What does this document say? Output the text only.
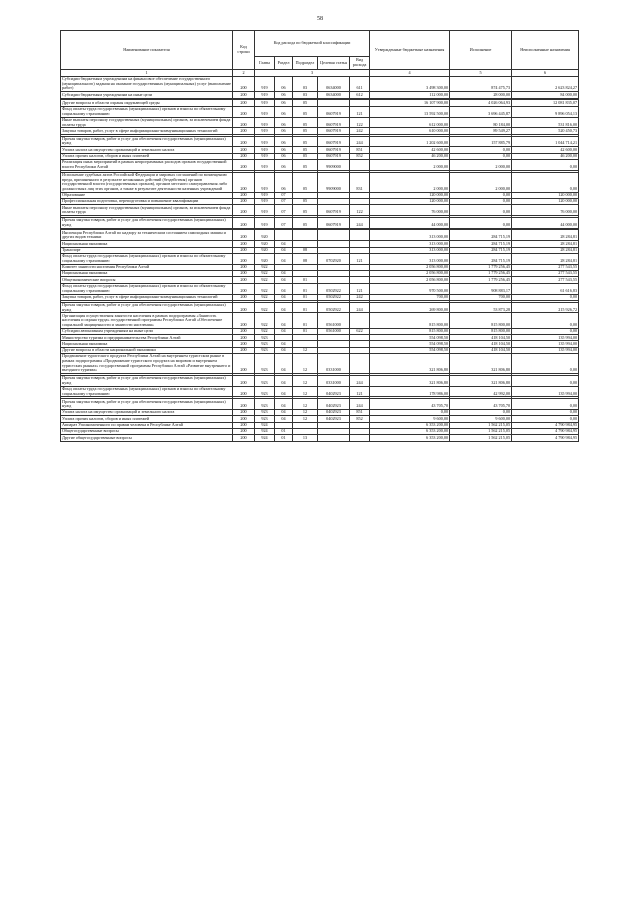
58
Наименование показателя	Код строки	Код расхода по бюджетной классификации					Утвержденные бюджетные назначения	Исполнение	Неисполненные назначения
		Главы	Раздел	Подраздел	Целевая статья	Вид расхода			
1	2	3					4	5	6
Субсидии бюджетным учреждениям на финансовое обеспечение государственного (муниципального) задания на оказание государственных (муниципальных) услуг (выполнение работ)	200	919	06	03	0634000	611	3 498 300,00	874 475,73	2 623 824,27
Субсидии бюджетным учреждениям на иные цели	200	919	06	03	0634000	612	112 000,00	28 000,00	84 000,00

Другие вопросы в области охраны окружающей среды	200	919	06	05			16 107 900,00	4 026 064,93	12 081 835,07
Фонд оплаты труда государственных (муниципальных) органов и взносы по обязательному социальному страхованию	200	919	06	05	0607919	121	13 592 500,00	3 696 445,87	9 896 054,13
Иные выплаты персоналу государственных (муниципальных) органов, за исключением фонда оплаты труда	200	919	06	05	0607919	122	612 000,00	80 184,00	531 816,00
Закупка товаров, работ, услуг в сфере информационно-коммуникационных технологий	200	919	06	05	0607919	242	610 000,00	89 549,27	520 450,73

Прочая закупка товаров, работ и услуг для обеспечения государственных (муниципальных) нужд	200	919	06	05	0607919	244	1 202 600,00	157 885,79	1 044 714,21
Уплата налога на имущество организаций и земельного налога	200	919	06	05	0607919	851	42 600,00	0,00	42 600,00
Уплата прочих налогов, сборов и иных платежей	200	919	06	05	0607919	852	46 200,00	0,00	46 200,00
Реализация иных мероприятий в рамках непрограммных расходов органов государственной власти Республики Алтай	200	919	06	05	9909000		2 000,00	2 000,00	0,00

Исполнение судебных актов Российской Федерации и мировых соглашений по возмещению вреда, причиненного в результате незаконных действий (бездействия) органов государственной власти (государственных органов), органов местного самоуправления либо должностных лиц этих органов, а также в результате деятельности казенных учреждений	200	919	06	05	9909000	831	2 000,00	2 000,00	0,00
Образование	200	919	07				120 000,00	0,00	120 000,00
Профессиональная подготовка, переподготовка и повышение квалификации	200	919	07	05			120 000,00	0,00	120 000,00
Иные выплаты персоналу государственных (муниципальных) органов, за исключением фонда оплаты труда	200	919	07	05	0607919	122	76 000,00	0,00	76 000,00

Прочая закупка товаров, работ и услуг для обеспечения государственных (муниципальных) нужд	200	919	07	05	0607919	244	44 000,00	0,00	44 000,00

Инспекция Республики Алтай по надзору за техническим состоянием самоходных машин и других видов техники	200	920					313 000,00	284 715,19	28 284,81
Национальная экономика	200	920	04				313 000,00	284 715,19	28 284,81
Транспорт	200	920	04	08			313 000,00	284 715,19	28 284,81
Фонд оплаты труда государственных (муниципальных) органов и взносы по обязательному социальному страхованию	200	920	04	08	0702920	121	313 000,00	284 715,19	28 284,81
Комитет занятости населения Республики Алтай	200	922					2 056 800,00	1 779 256,45	277 543,55
Национальная экономика	200	922	04				2 056 800,00	1 779 256,45	277 543,55
Общеэкономические вопросы	200	922	04	01			2 056 800,00	1 779 256,45	277 543,55
Фонд оплаты труда государственных (муниципальных) органов и взносы по обязательному социальному страхованию	200	922	04	01	0502922	121	970 500,00	908 883,17	61 616,83
Закупка товаров, работ, услуг в сфере информационно-коммуникационных технологий	200	922	04	01	0502922	242	700,00	700,00	0,00

Прочая закупка товаров, работ и услуг для обеспечения государственных (муниципальных) нужд	200	922	04	01	0502922	244	269 800,00	53 873,28	215 926,72
Организация осуществления занятости населения в рамках подпрограммы «Занятость населения и охрана труда» государственной программы Республики Алтай «Обеспечение социальной защищенности и занятости населения»	200	922	04	01	0561000		815 800,00	815 800,00	0,00
Субсидии автономным учреждениям на иные цели	200	922	04	01	0561000	622	815 800,00	815 800,00	0,00
Министерство туризма и предпринимательства Республики Алтай	200	923					554 098,50	418 104,50	135 994,00
Национальная экономика	200	923	04				554 098,50	418 104,50	135 994,00
Другие вопросы в области национальной экономики	200	923	04	12			554 098,50	418 104,50	135 994,00
Продвижение туристского продукта Республики Алтай на внутреннем туристском рынке в рамках подпрограммы «Продвижение туристского продукта на мировом и внутреннем туристских рынках» государственной программы Республики Алтай «Развитие внутреннего и въездного туризма»	200	923	04	12	0331000		321 806,80	321 806,80	0,00

Прочая закупка товаров, работ и услуг для обеспечения государственных (муниципальных) нужд	200	923	04	12	0331000	244	321 806,80	321 806,80	0,00
Фонд оплаты труда государственных (муниципальных) органов и взносы по обязательному социальному страхованию	200	923	04	12	0402923	121	178 986,00	42 992,00	135 994,00

Прочая закупка товаров, работ и услуг для обеспечения государственных (муниципальных) нужд	200	923	04	12	0402923	244	43 705,70	43 705,70	0,00
Уплата налога на имущество организаций и земельного налога	200	923	04	12	0402923	851	0,00	0,00	0,00
Уплата прочих налогов, сборов и иных платежей	200	923	04	12	0402923	852	9 600,00	9 600,00	0,00
Аппарат Уполномоченного по правам человека в Республике Алтай	200	924					6 353 200,00	1 562 215,05	4 790 984,95
Общегосударственные вопросы	200	924	01				6 353 200,00	1 562 215,05	4 790 984,95
Другие общегосударственные вопросы	200	924	01	13			6 353 200,00	1 562 215,05	4 790 984,95
